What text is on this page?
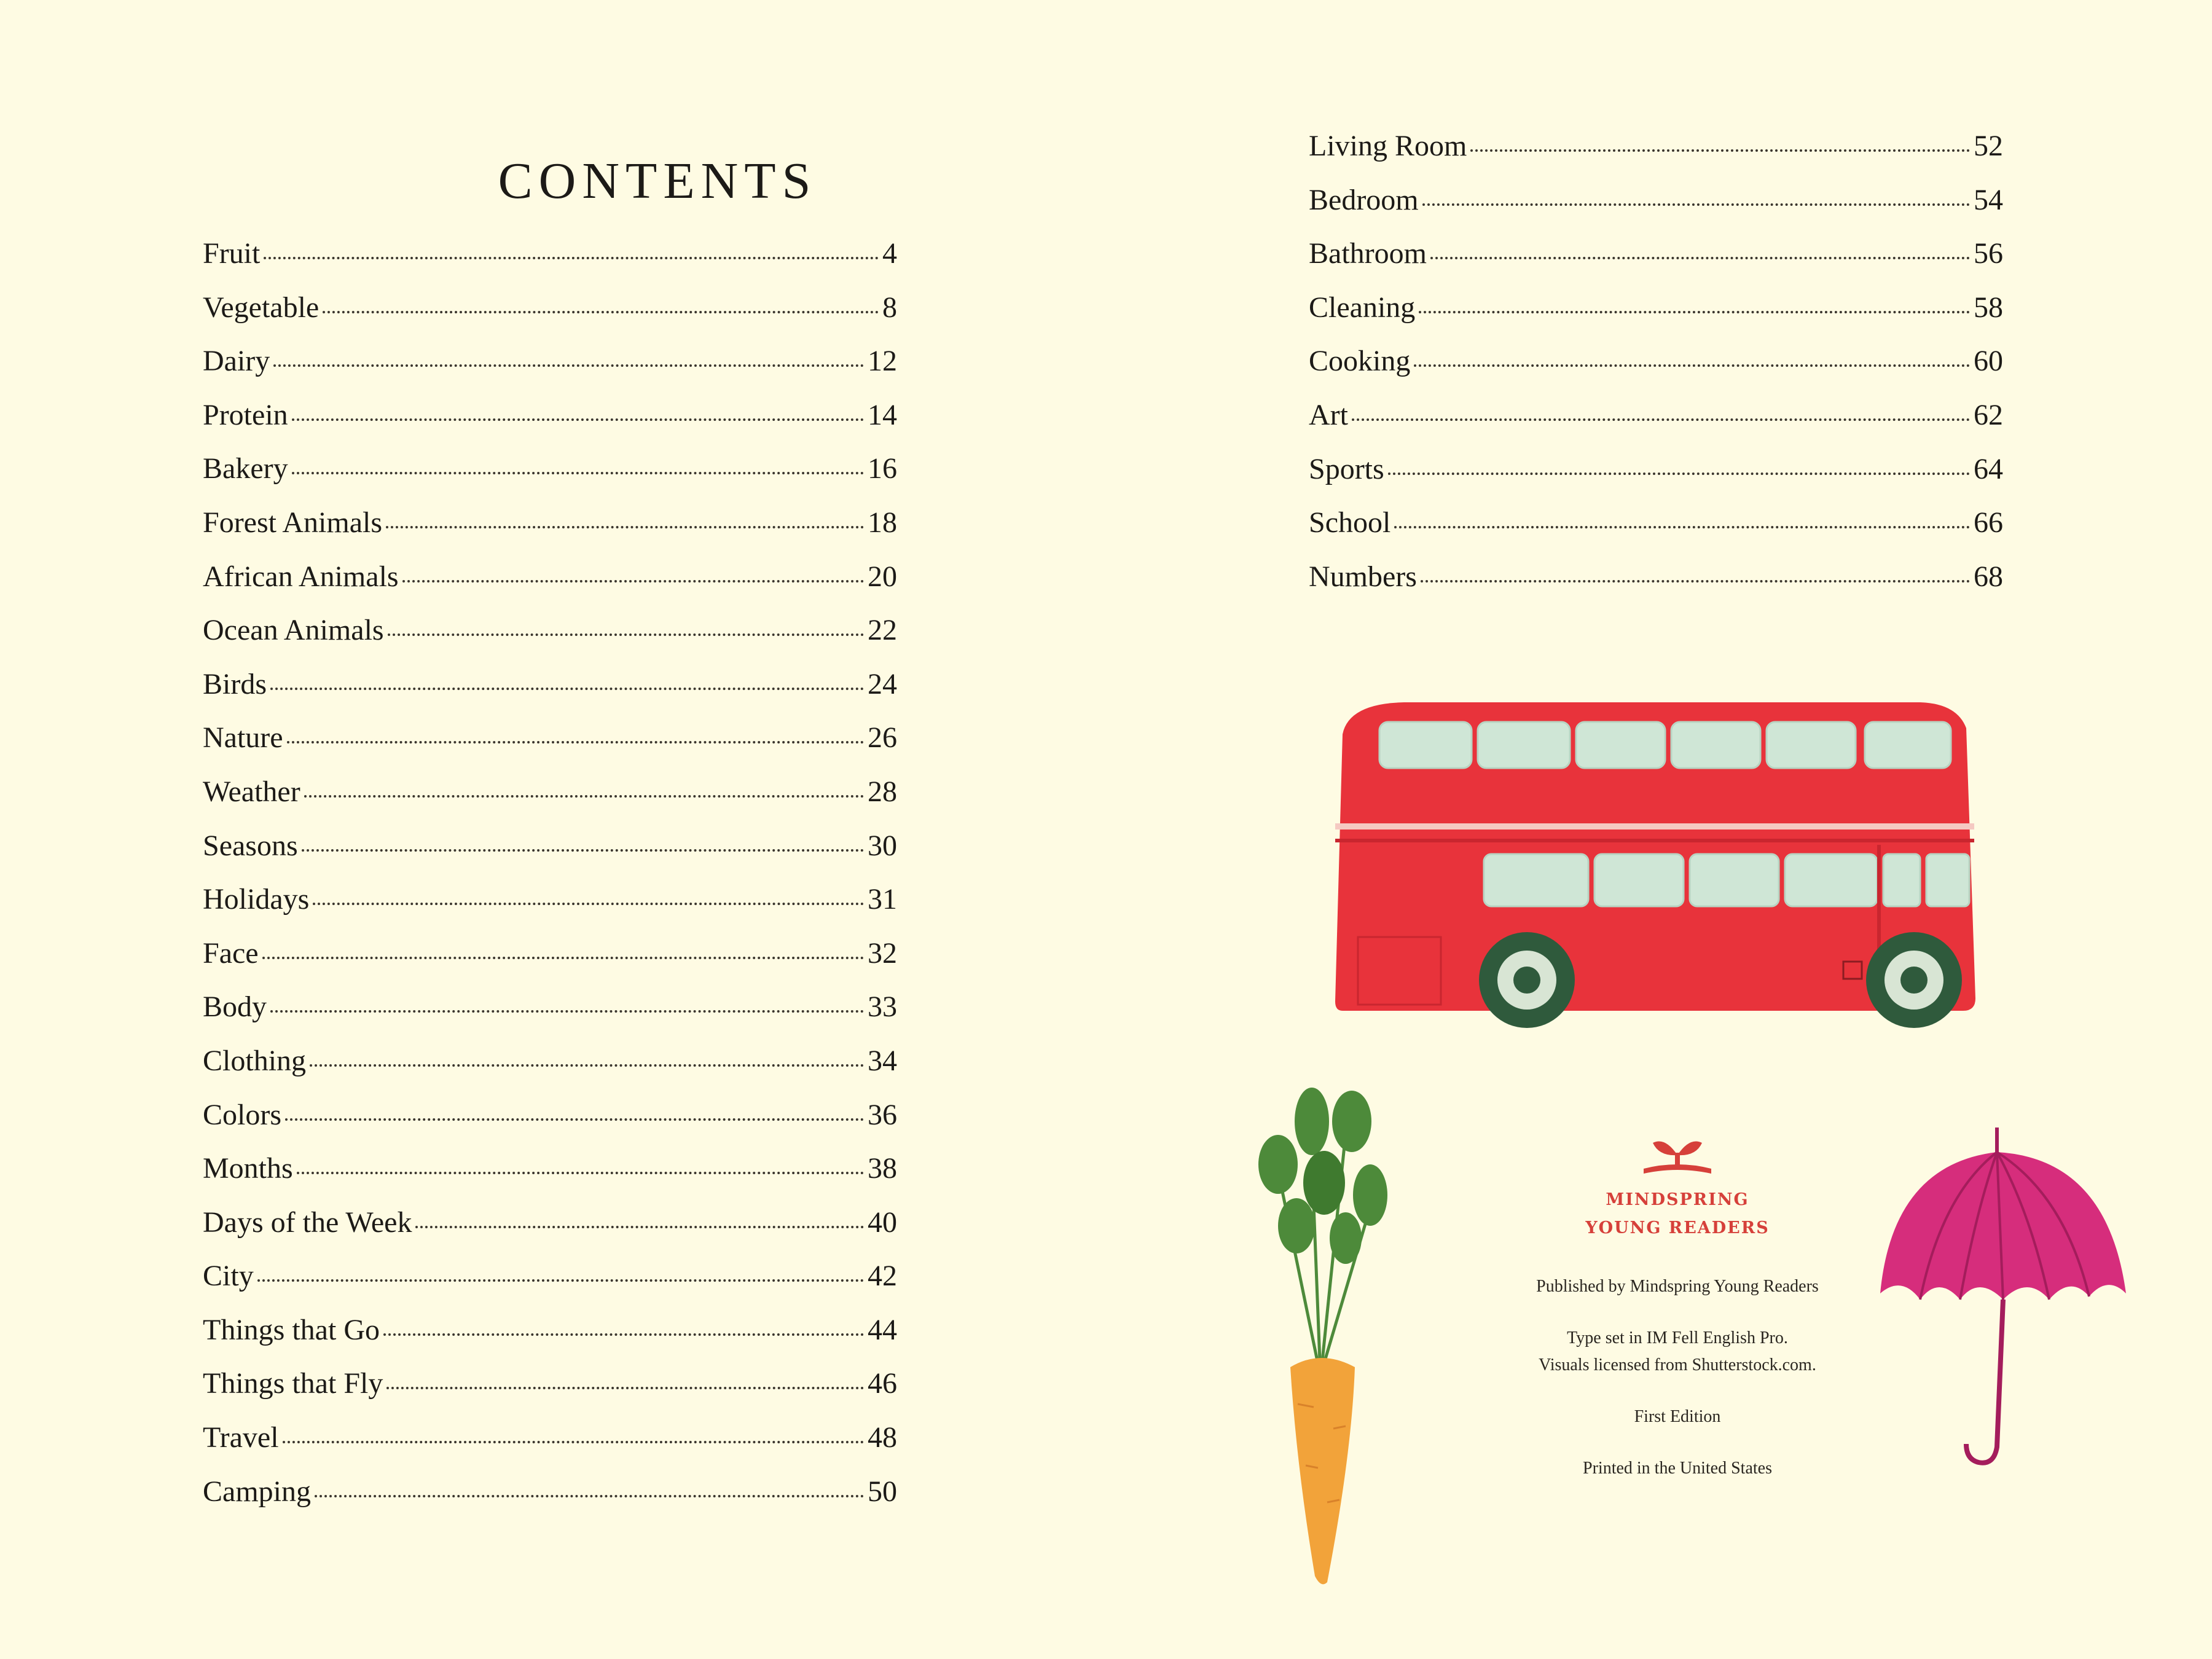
CONTENTS
Fruit	4
Vegetable	8
Dairy	12
Protein	14
Bakery	16
Forest Animals	18
African Animals	20
Ocean Animals	22
Birds	24
Nature	26
Weather	28
Seasons	30
Holidays	31
Face	32
Body	33
Clothing	34
Colors	36
Months	38
Days of the Week	40
City	42
Things that Go	44
Things that Fly	46
Travel	48
Camping	50
Living Room	52
Bedroom	54
Bathroom	56
Cleaning	58
Cooking	60
Art	62
Sports	64
School	66
Numbers	68
MINDSPRING
YOUNG READERS
Published by Mindspring Young Readers
Type set in IM Fell English Pro.
Visuals licensed from Shutterstock.com.
First Edition
Printed in the United States
